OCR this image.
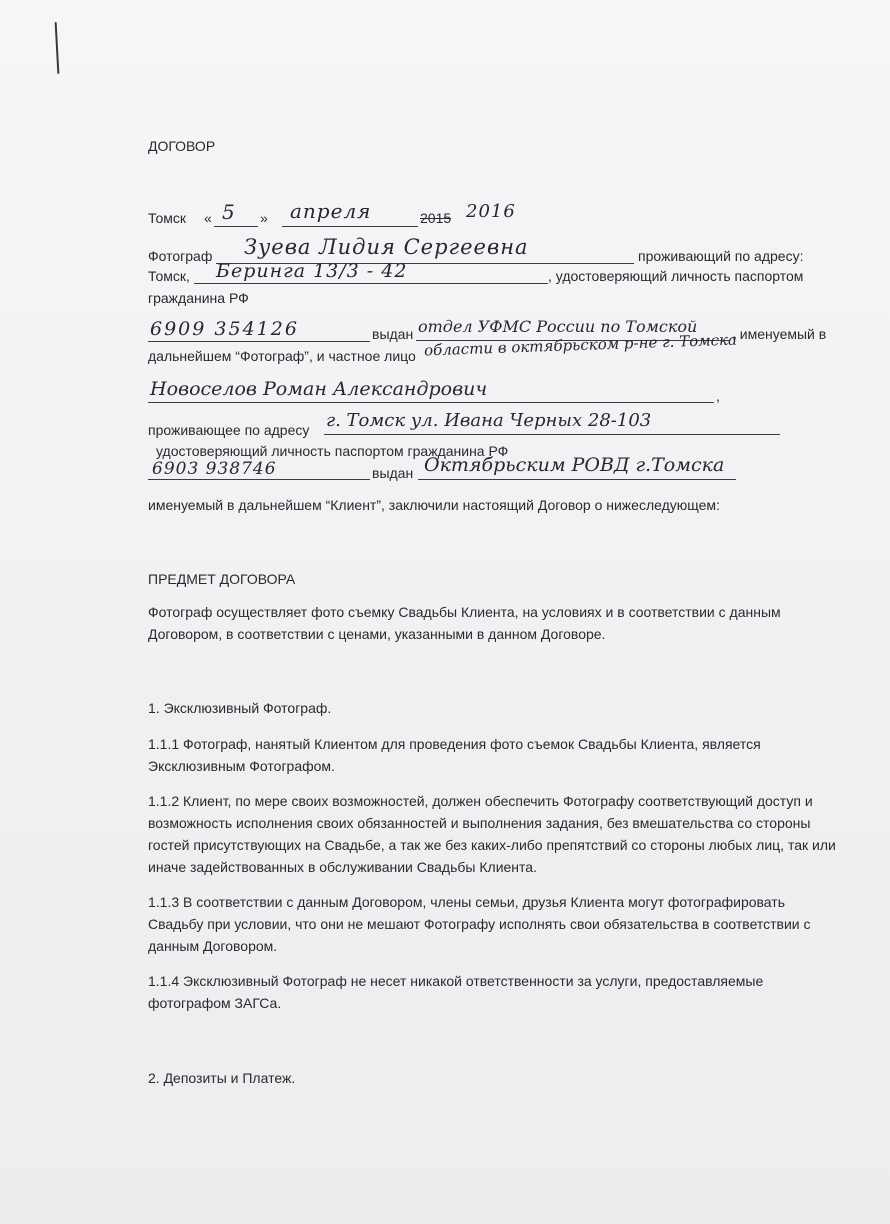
ДОГОВОР
Томск « 5 » апреля	2015 2016
Фотограф Зуева Лидия Сергеевна	проживающий по адресу:
Томск, Беринга 13/3 - 42	, удостоверяющий личность паспортом
гражданина РФ
6909 354126	выдан отдел УФМС России по Томской , именуемый в
дальнейшем “Фотограф”, и частное лицо области в октябрьском р-не г. Томска
Новоселов Роман Александрович	,
проживающее по адресу г. Томск ул. Ивана Черных 28-103
удостоверяющий личность паспортом гражданина РФ
6903 938746	выдан Октябрьским РОВД г.Томска
именуемый в дальнейшем “Клиент”, заключили настоящий Договор о нижеследующем:
ПРЕДМЕТ ДОГОВОРА
Фотограф осуществляет фото съемку Свадьбы Клиента, на условиях и в соответствии с данным Договором, в соответствии с ценами, указанными в данном Договоре.
1. Эксклюзивный Фотограф.
1.1.1 Фотограф, нанятый Клиентом для проведения фото съемок Свадьбы Клиента, является Эксклюзивным Фотографом.
1.1.2 Клиент, по мере своих возможностей, должен обеспечить Фотографу соответствующий доступ и возможность исполнения своих обязанностей и выполнения задания, без вмешательства со стороны гостей присутствующих на Свадьбе, а так же без каких-либо препятствий со стороны любых лиц, так или иначе задействованных в обслуживании Свадьбы Клиента.
1.1.3 В соответствии с данным Договором, члены семьи, друзья Клиента могут фотографировать Свадьбу при условии, что они не мешают Фотографу исполнять свои обязательства в соответствии с данным Договором.
1.1.4 Эксклюзивный Фотограф не несет никакой ответственности за услуги, предоставляемые фотографом ЗАГСа.
2. Депозиты и Платеж.
